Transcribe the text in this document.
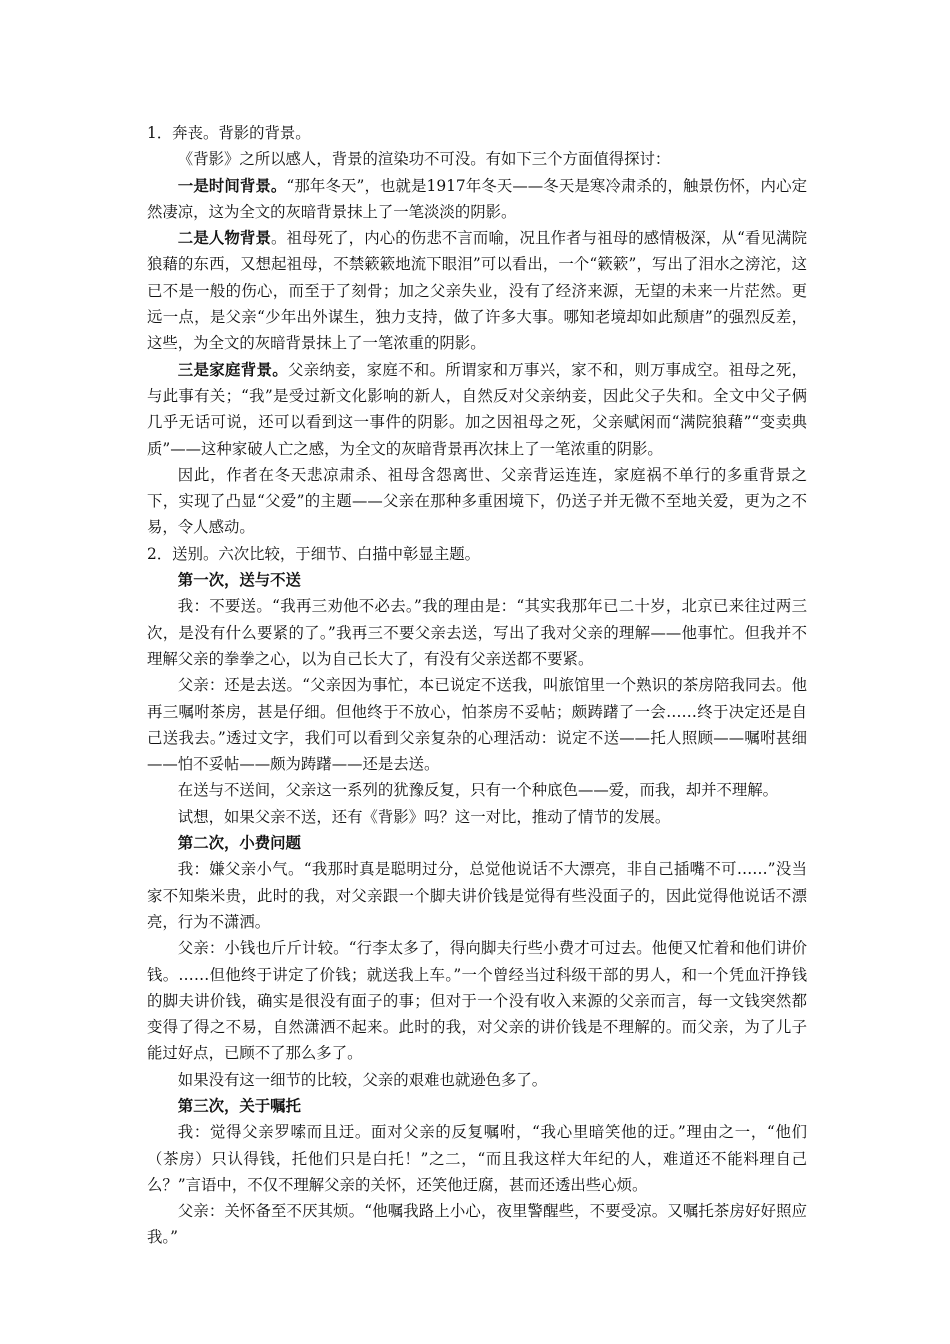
1．奔丧。背影的背景。

《背影》之所以感人，背景的渲染功不可没。有如下三个方面值得探讨：

一是时间背景。“那年冬天”，也就是1917年冬天——冬天是寒冷肃杀的，触景伤怀，内心定然凄凉，这为全文的灰暗背景抹上了一笔淡淡的阴影。

二是人物背景。祖母死了，内心的伤悲不言而喻，况且作者与祖母的感情极深，从“看见满院狼藉的东西，又想起祖母，不禁簌簌地流下眼泪”可以看出，一个“簌簌”，写出了泪水之滂沱，这已不是一般的伤心，而至于了刻骨；加之父亲失业，没有了经济来源，无望的未来一片茫然。更远一点，是父亲“少年出外谋生，独力支持，做了许多大事。哪知老境却如此颓唐”的强烈反差，这些，为全文的灰暗背景抹上了一笔浓重的阴影。

三是家庭背景。父亲纳妾，家庭不和。所谓家和万事兴，家不和，则万事成空。祖母之死，与此事有关；“我”是受过新文化影响的新人，自然反对父亲纳妾，因此父子失和。全文中父子俩几乎无话可说，还可以看到这一事件的阴影。加之因祖母之死，父亲赋闲而“满院狼藉”“变卖典质”——这种家破人亡之感，为全文的灰暗背景再次抹上了一笔浓重的阴影。

因此，作者在冬天悲凉肃杀、祖母含怨离世、父亲背运连连，家庭祸不单行的多重背景之下，实现了凸显“父爱”的主题——父亲在那种多重困境下，仍送子并无微不至地关爱，更为之不易，令人感动。

2．送别。六次比较，于细节、白描中彰显主题。

第一次，送与不送

我：不要送。“我再三劝他不必去。”我的理由是：“其实我那年已二十岁，北京已来往过两三次，是没有什么要紧的了。”我再三不要父亲去送，写出了我对父亲的理解——他事忙。但我并不理解父亲的拳拳之心，以为自己长大了，有没有父亲送都不要紧。

父亲：还是去送。“父亲因为事忙，本已说定不送我，叫旅馆里一个熟识的茶房陪我同去。他再三嘱咐茶房，甚是仔细。但他终于不放心，怕茶房不妥帖；颇踌躇了一会……终于决定还是自己送我去。”透过文字，我们可以看到父亲复杂的心理活动：说定不送——托人照顾——嘱咐甚细——怕不妥帖——颇为踌躇——还是去送。

在送与不送间，父亲这一系列的犹豫反复，只有一个种底色——爱，而我，却并不理解。

试想，如果父亲不送，还有《背影》吗？这一对比，推动了情节的发展。

第二次，小费问题

我：嫌父亲小气。“我那时真是聪明过分，总觉他说话不大漂亮，非自己插嘴不可……”没当家不知柴米贵，此时的我，对父亲跟一个脚夫讲价钱是觉得有些没面子的，因此觉得他说话不漂亮，行为不潇洒。

父亲：小钱也斤斤计较。“行李太多了，得向脚夫行些小费才可过去。他便又忙着和他们讲价钱。……但他终于讲定了价钱；就送我上车。”一个曾经当过科级干部的男人，和一个凭血汗挣钱的脚夫讲价钱，确实是很没有面子的事；但对于一个没有收入来源的父亲而言，每一文钱突然都变得了得之不易，自然潇洒不起来。此时的我，对父亲的讲价钱是不理解的。而父亲，为了儿子能过好点，已顾不了那么多了。

如果没有这一细节的比较，父亲的艰难也就逊色多了。

第三次，关于嘱托

我：觉得父亲罗嗦而且迂。面对父亲的反复嘱咐，“我心里暗笑他的迂。”理由之一，“他们（茶房）只认得钱，托他们只是白托！”之二，“而且我这样大年纪的人，难道还不能料理自己么？”言语中，不仅不理解父亲的关怀，还笑他迂腐，甚而还透出些心烦。

父亲：关怀备至不厌其烦。“他嘱我路上小心，夜里警醒些，不要受凉。又嘱托茶房好好照应我。”
